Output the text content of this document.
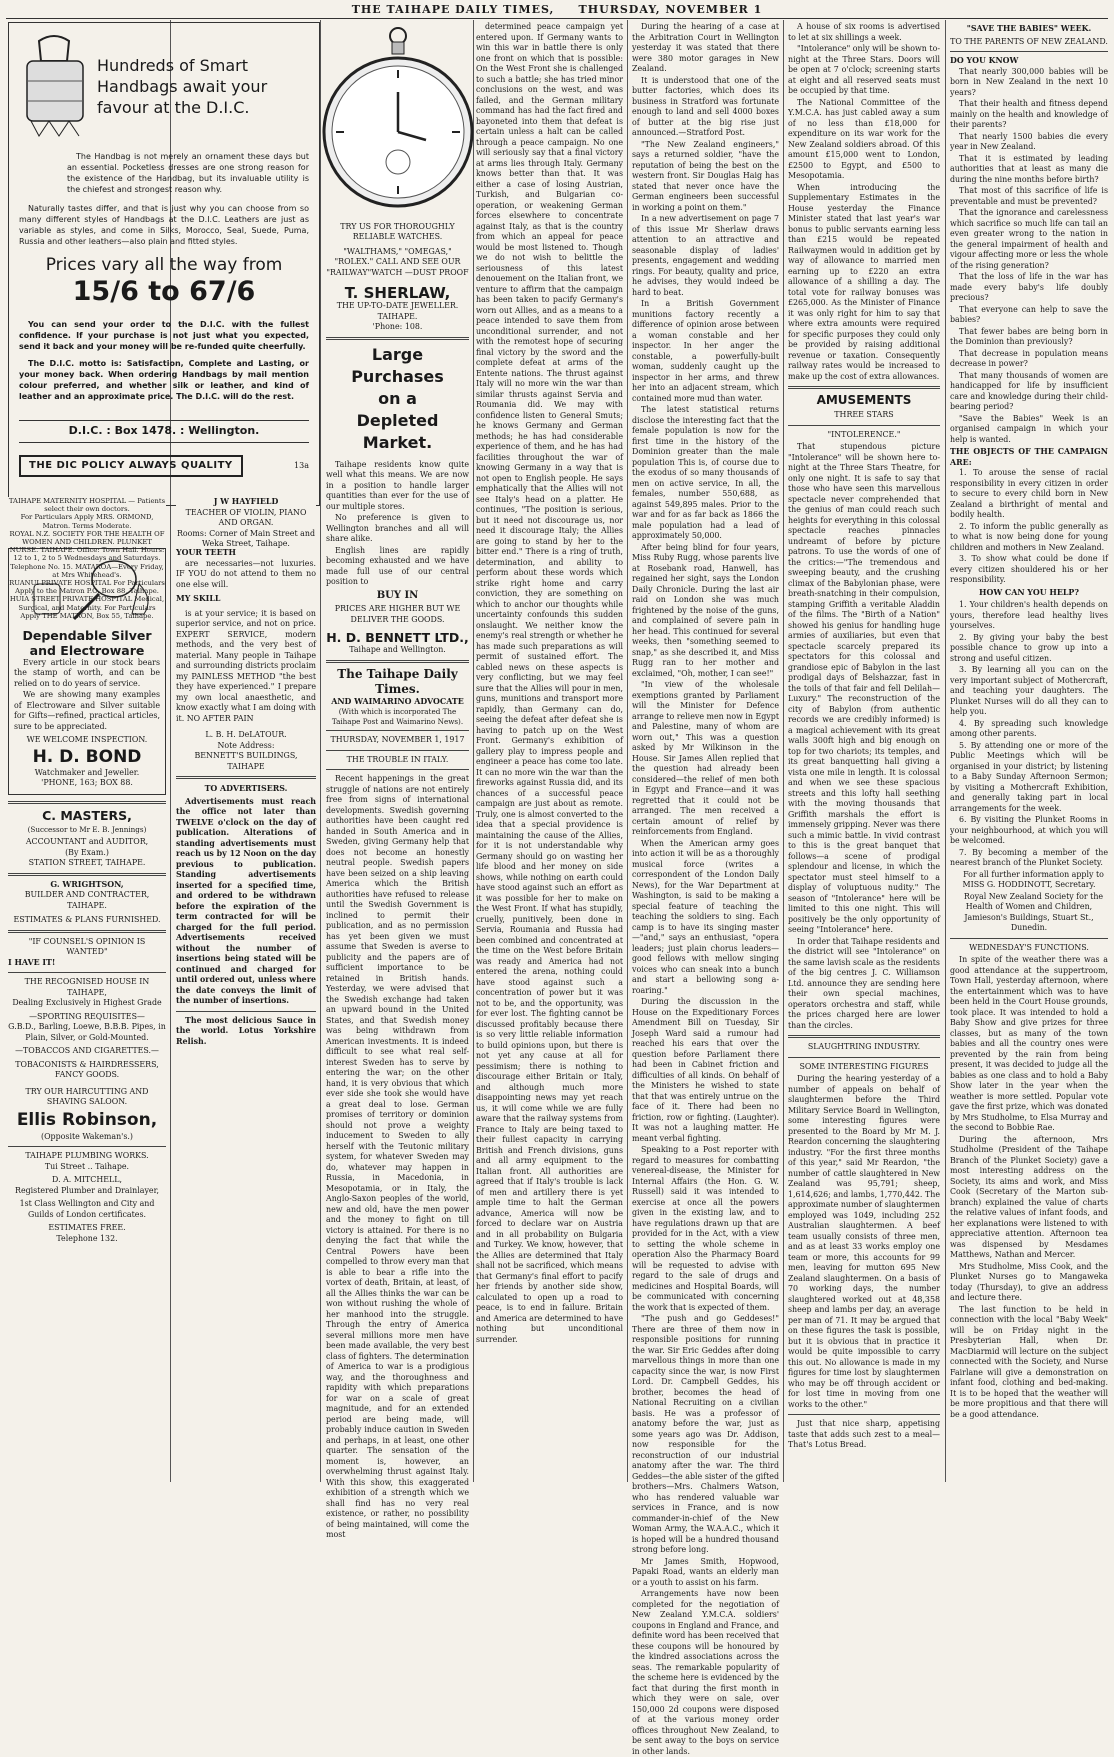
THE TAIHAPE DAILY TIMES, THURSDAY, NOVEMBER 1
Hundreds of Smart Handbags await your favour at the D.I.C.

The Handbag is not merely an ornament these days but an essential. Pocketless dresses are one strong reason for the existence of the Handbag, but its invaluable utility is the chiefest and strongest reason why.

Naturally tastes differ, and that is just why you can choose from so many different styles of Handbags at the D.I.C. Leathers are just as variable as styles, and come in Silks, Morocco, Seal, Suede, Puma, Russia and other leathers—also plain and fitted styles.

Prices vary all the way from
15/6 to 67/6

You can send your order to the D.I.C. with the fullest confidence. If your purchase is not just what you expected, send it back and your money will be re-funded quite cheerfully.

The D.I.C. motto is: Satisfaction, Complete and Lasting, or your money back. When ordering Handbags by mail mention colour preferred, and whether silk or leather, and kind of leather and an approximate price. The D.I.C. will do the rest.

D.I.C. : Box 1478. : Wellington.
THE DIC POLICY ALWAYS QUALITY	13a
Dependable Silver
and Electroware

Every article in our stock bears the stamp of worth, and can be relied on to do years of service.

We are showing many examples of Electroware and Silver suitable for Gifts—refined, practical articles, sure to be appreciated.

WE WELCOME INSPECTION.
H. D. BOND
Watchmaker and Jeweller.
'PHONE, 163; BOX 88.
C. MASTERS,
(Successor to Mr E. B. Jennings)
ACCOUNTANT and AUDITOR,
(By Exam.)
STATION STREET, TAIHAPE.
G. WRIGHTSON,
BUILDER AND CONTRACTER,
TAIHAPE.
ESTIMATES & PLANS FURNISHED.
"IF COUNSEL'S OPINION IS WANTED"
I HAVE IT!
THE RECOGNISED HOUSE IN TAIHAPE,
Dealing Exclusively in Highest Grade
—SPORTING REQUISITES—
G.B.D., Barling, Loewe, B.B.B. Pipes, in Plain, Silver, or Gold-Mounted.
—TOBACCOS AND CIGARETTES.—
TOBACONISTS & HAIRDRESSERS, FANCY GOODS.
TRY OUR HAIRCUTTING AND SHAVING SALOON.
Ellis Robinson,
(Opposite Wakeman's.)
TAIHAPE PLUMBING WORKS.
Tui Street .. Taihape.
D. A. MITCHELL,
Registered Plumber and Drainlayer,
1st Class Wellington and City and Guilds of London certificates.
ESTIMATES FREE.
Telephone 132.
YOUR TEETH

are necessaries—not luxuries. IF YOU do not attend to them no one else will.

MY SKILL

is at your service; it is based on superior service, and not on price. EXPERT SERVICE, modern methods, and the very best of material. Many people in Taihape and surrounding districts proclaim my PAINLESS METHOD "the best they have experienced." I prepare my own local anaesthetic, and know exactly what I am doing with it. NO AFTER PAIN

L. B. H. DeLATOUR.
Note Address:
BENNETT'S BUILDINGS, TAIHAPE
TO ADVERTISERS.

Advertisements must reach the office not later than TWELVE o'clock on the day of publication. Alterations of standing advertisements must reach us by 12 Noon on the day previous to publication. Standing advertisements inserted for a specified time, and ordered to be withdrawn before the expiration of the term contracted for will be charged for the full period. Advertisements received without the number of insertions being stated will be continued and charged for until ordered out, unless where the date conveys the limit of the number of insertions.

The most delicious Sauce in the world. Lotus Yorkshire Relish.

TRY US FOR THOROUGHLY RELIABLE WATCHES.
"WALTHAMS," "OMEGAS," "ROLEX." CALL AND SEE OUR "RAILWAY"WATCH —DUST PROOF
T. SHERLAW,
THE UP-TO-DATE JEWELLER.
TAIHAPE.
'Phone: 108.
Large Purchases
on a
Depleted Market.

Taihape residents know quite well what this means. We are now in a position to handle larger quantities than ever for the use of our multiple stores.

No preference is given to Wellington branches and all will share alike.

English lines are rapidly becoming exhausted and we have made full use of our central position to

BUY IN
PRICES ARE HIGHER BUT WE DELIVER THE GOODS.
H. D. BENNETT LTD.,
Taihape and Wellington.
The Taihape Daily Times.
AND WAIMARINO ADVOCATE
(With which is incorporated The Taihape Post and Waimarino News).
THURSDAY, NOVEMBER 1, 1917
THE TROUBLE IN ITALY.

Recent happenings in the great struggle of nations are not entirely free from signs of international developments. Swedish governing authorities have been caught red handed in South America and in Sweden, giving Germany help that does not become an honestly neutral people. Swedish papers have been seized on a ship leaving America which the British authorities have refused to release until the Swedish Government is inclined to permit their publication, and as no permission has yet been given we must assume that Sweden is averse to publicity and the papers are of sufficient importance to be retained in British hands. Yesterday, we were advised that the Swedish exchange had taken an upward bound in the United States, and that Swedish money was being withdrawn from American investments. It is indeed difficult to see what real self-interest Sweden has to serve by entering the war; on the other hand, it is very obvious that which ever side she took she would have a great deal to lose. German promises of territory or dominion should not prove a weighty inducement to Sweden to ally herself with the Teutonic military system, for whatever Sweden may do, whatever may happen in Russia, in Macedonia, in Mesopotamia, or in Italy, the Anglo-Saxon peoples of the world, new and old, have the men power and the money to fight on till victory is attained. For there is no denying the fact that while the Central Powers have been compelled to throw every man that is able to bear a rifle into the vortex of death, Britain, at least, of all the Allies thinks the war can be won without rushing the whole of her manhood into the struggle. Through the entry of America several millions more men have been made available, the very best class of fighters. The determination of America to war is a prodigious way, and the thoroughness and rapidity with which preparations for war on a scale of great magnitude, and for an extended period are being made, will probably induce caution in Sweden and perhaps, in at least, one other quarter. The sensation of the moment is, however, an overwhelming thrust against Italy. With this show, this exaggerated exhibition of a strength which we shall find has no very real existence, or rather, no possibility of being maintained, will come the most

determined peace campaign yet entered upon. If Germany wants to win this war in battle there is only one front on which that is possible: On the West Front she is challenged to such a battle; she has tried minor conclusions on the west, and was failed, and the German military command has had the fact fired and bayoneted into them that defeat is certain unless a halt can be called through a peace campaign. No one will seriously say that a final victory at arms lies through Italy. Germany knows better than that. It was either a case of losing Austrian, Turkish, and Bulgarian co-operation, or weakening German forces elsewhere to concentrate against Italy, as that is the country from which an appeal for peace would be most listened to. Though we do not wish to belittle the seriousness of this latest denouement on the Italian front, we venture to affirm that the campaign has been taken to pacify Germany's worn out Allies, and as a means to a peace intended to save them from unconditional surrender, and not with the remotest hope of securing final victory by the sword and the complete defeat at arms of the Entente nations. The thrust against Italy will no more win the war than similar thrusts against Servia and Roumania did. We may with confidence listen to General Smuts; he knows Germany and German methods; he has had considerable experience of them, and he has had facilities throughout the war of knowing Germany in a way that is not open to English people. He says emphatically that the Allies will not see Italy's head on a platter. He continues, "The position is serious, but it need not discourage us, nor need it discourage Italy; the Allies are going to stand by her to the bitter end." There is a ring of truth, determination, and ability to perform about these words which strike right home and carry conviction, they are something on which to anchor our thoughts while uncertainty confounds this sudden onslaught. We neither know the enemy's real strength or whether he has made such preparations as will permit of sustained effort. The cabled news on these aspects is very conflicting, but we may feel sure that the Allies will pour in men, guns, munitions and transport more rapidly, than Germany can do, seeing the defeat after defeat she is having to patch up on the West Front. Germany's exhibition of gallery play to impress people and engineer a peace has come too late. It can no more win the war than the fireworks against Russia did, and its chances of a successful peace campaign are just about as remote. Truly, one is almost converted to the idea that a special providence is maintaining the cause of the Allies, for it is not understandable why Germany should go on wasting her life blood and her money on side shows, while nothing on earth could have stood against such an effort as it was possible for her to make on the West Front. If what has stupidly, cruelly, punitively, been done in Servia, Roumania and Russia had been combined and concentrated at the time on the West before Britain was ready and America had not entered the arena, nothing could have stood against such a concentration of power but it was not to be, and the opportunity, was for ever lost. The fighting cannot be discussed profitably because there is so very little reliable information to build opinions upon, but there is not yet any cause at all for pessimism; there is nothing to discourage either Britain or Italy, and although much more disappointing news may yet reach us, it will come while we are fully aware that the railway systems from France to Italy are being taxed to their fullest capacity in carrying British and French divisions, guns and all army equipment to the Italian front. All authorities are agreed that if Italy's trouble is lack of men and artillery there is yet ample time to halt the German advance, America will now be forced to declare war on Austria and in all probability on Bulgaria and Turkey. We know, however, that the Allies are determined that Italy shall not be sacrificed, which means that Germany's final effort to pacify her friends by another side show, calculated to open up a road to peace, is to end in failure. Britain and America are determined to have nothing but unconditional surrender.

During the hearing of a case at the Arbitration Court in Wellington yesterday it was stated that there were 380 motor garages in New Zealand.

It is understood that one of the butter factories, which does its business in Stratford was fortunate enough to land and sell 4000 boxes of butter at the big rise just announced.—Stratford Post.

"The New Zealand engineers," says a returned soldier, "have the reputation of being the best on the western front. Sir Douglas Haig has stated that never once have the German engineers been successful in working a point on them."

In a new advertisement on page 7 of this issue Mr Sherlaw draws attention to an attractive and seasonable display of ladies' presents, engagement and wedding rings. For beauty, quality and price, he advises, they would indeed be hard to beat.

In a British Government munitions factory recently a difference of opinion arose between a woman constable and her inspector. In her anger the constable, a powerfully-built woman, suddenly caught up the inspector in her arms, and threw her into an adjacent stream, which contained more mud than water.

The latest statistical returns disclose the interesting fact that the female population is now for the first time in the history of the Dominion greater than the male population This is, of course due to the exodus of so many thousands of men on active service, In all, the females, number 550,688, as against 549,895 males. Prior to the war and for as far back as 1866 the male population had a lead of approximately 50,000.

After being blind for four years, Miss Ruby Rugg, whose parents live at Rosebank road, Hanwell, has regained her sight, says the London Daily Chronicle. During the last air raid on London she was much frightened by the noise of the guns, and complained of severe pain in her head. This continued for several weeks, then "something seemed to snap," as she described it, and Miss Rugg ran to her mother and exclaimed, "Oh, mother, I can see!"

"In view of the wholesale exemptions granted by Parliament will the Minister for Defence arrange to relieve men now in Egypt and Palestine, many of whom are worn out," This was a question asked by Mr Wilkinson in the House. Sir James Allen replied that the question had already been considered—the relief of men both in Egypt and France—and it was regretted that it could not be arranged. The men received a certain amount of relief by reinforcements from England.

When the American army goes into action it will be as a thoroughly musical force (writes a correspondent of the London Daily News), for the War Department at Washington, is said to be making a special feature of teaching the teaching the soldiers to sing. Each camp is to have its singing master—"and," says an enthusiast, "opera leaders; just plain chorus leaders—good fellows with mellow singing voices who can sneak into a bunch and start a bellowing song a-roaring."

During the discussion in the House on the Expeditionary Forces Amendment Bill on Tuesday, Sir Joseph Ward said a rumour had reached his ears that over the question before Parliament there had been in Cabinet friction and difficulties of all kinds. On behalf of the Ministers he wished to state that that was entirely untrue on the face of it. There had been no friction, row or fighting. (Laughter). It was not a laughing matter. He meant verbal fighting.

Speaking to a Post reporter with regard to measures for combatting venereal-disease, the Minister for Internal Affairs (the Hon. G. W. Russell) said it was intended to exercise at once all the powers given in the existing law, and to have regulations drawn up that are provided for in the Act, with a view to setting the whole scheme in operation Also the Pharmacy Board will be requested to advise with regard to the sale of drugs and medicines and Hospital Boards, will be communicated with concerning the work that is expected of them.

"The push and go Geddeses!" There are three of them now in responsible positions for running the war. Sir Eric Geddes after doing marvellous things in more than one capacity since the war, is now First Lord. Dr. Campbell Geddes, his brother, becomes the head of National Recruiting on a civilian basis. He was a professor of anatomy before the war, just as some years ago was Dr. Addison, now responsible for the reconstruction of our industrial anatomy after the war. The third Geddes—the able sister of the gifted brothers—Mrs. Chalmers Watson, who has rendered valuable war services in France, and is now commander-in-chief of the New Woman Army, the W.A.A.C., which it is hoped will be a hundred thousand strong before long.

Mr James Smith, Hopwood, Papaki Road, wants an elderly man or a youth to assist on his farm.

Arrangements have now been completed for the negotiation of New Zealand Y.M.C.A. soldiers' coupons in England and France, and definite word has been received that these coupons will be honoured by the kindred associations across the seas. The remarkable popularity of the scheme here is evidenced by the fact that during the first month in which they were on sale, over 150,000 2d coupons were disposed of at the various money order offices throughout New Zealand, to be sent away to the boys on service in other lands.

A house of six rooms is advertised to let at six shillings a week.

"Intolerance" only will be shown to-night at the Three Stars. Doors will be open at 7 o'clock; screening starts at eight and all reserved seats must be occupied by that time.

The National Committee of the Y.M.C.A. has just cabled away a sum of no less than £18,000 for expenditure on its war work for the New Zealand soldiers abroad. Of this amount £15,000 went to London, £2500 to Egypt, and £500 to Mesopotamia.

When introducing the Supplementary Estimates in the House yesterday the Finance Minister stated that last year's war bonus to public servants earning less than £215 would be repeated Railwaymen would in addition get by way of allowance to married men earning up to £220 an extra allowance of a shilling a day. The total vote for railway bonuses was £265,000. As the Minister of Finance it was only right for him to say that where extra amounts were required for specific purposes they could only be provided by raising additional revenue or taxation. Consequently railway rates would be increased to make up the cost of extra allowances.

AMUSEMENTS
THREE STARS
"INTOLERENCE."

That stupendous picture "Intolerance" will be shown here to-night at the Three Stars Theatre, for only one night. It is safe to say that those who have seen this marvellous spectacle never comprehended that the genius of man could reach such heights for everything in this colossal spectacle reaches pinnacles undreamt of before by picture patrons. To use the words of one of the critics:—"The tremendous and sweeping beauty, and the crushing climax of the Babylonian phase, were breath-snatching in their compulsion, stamping Griffith a veritable Aladdin of the films. The "Birth of a Nation" showed his genius for handling huge armies of auxiliaries, but even that spectacle scarcely prepared its spectators for this colossal and grandiose epic of Babylon in the last prodigal days of Belshazzar, fast in the toils of that fair and fell Delilah—Luxury." The reconstruction of the city of Babylon (from authentic records we are credibly informed) is a magical achievement with its great walls 300ft high and big enough on top for two chariots; its temples, and its great banquetting hall giving a vista one mile in length. It is colossal and when we see these spacious streets and this lofty hall seething with the moving thousands that Griffith marshals the effort is immensely gripping. Never was there such a mimic battle. In vivid contrast to this is the great banquet that follows—a scene of prodigal splendour and license, in which the spectator must steel himself to a display of voluptuous nudity." The season of "Intolerance" here will be limited to this one night. This will positively be the only opportunity of seeing "Intolerance" here.

In order that Taihape residents and the district will see "Intolerance" on the same lavish scale as the residents of the big centres J. C. Williamson Ltd. announce they are sending here their own special machines, operators orchestra and staff, while the prices charged here are lower than the circles.

SLAUGHTRING INDUSTRY.
SOME INTERESTING FIGURES

During the hearing yesterday of a number of appeals on behalf of slaughtermen before the Third Military Service Board in Wellington, some interesting figures were presented to the Board by Mr M. J. Reardon concerning the slaughtering industry. "For the first three months of this year," said Mr Reardon, "the number of cattle slaughtered in New Zealand was 95,791; sheep, 1,614,626; and lambs, 1,770,442. The approximate number of slaughtermen employed was 1049, including 252 Australian slaughtermen. A beef team usually consists of three men, and as at least 33 works employ one team or more, this accounts for 99 men, leaving for mutton 695 New Zealand slaughtermen. On a basis of 70 working days, the number slaughtered worked out at 48,358 sheep and lambs per day, an average per man of 71. It may be argued that on these figures the task is possible, but it is obvious that in practice it would be quite impossible to carry this out. No allowance is made in my figures for time lost by slaughtermen who may be off through accident or for lost time in moving from one works to the other."

Just that nice sharp, appetising taste that adds such zest to a meal—That's Lotus Bread.

"SAVE THE BABIES" WEEK.
TO THE PARENTS OF NEW ZEALAND.
DO YOU KNOW

That nearly 300,000 babies will be born in New Zealand in the next 10 years?

That their health and fitness depend mainly on the health and knowledge of their parents?

That nearly 1500 babies die every year in New Zealand.

That it is estimated by leading authorities that at least as many die during the nine months before birth?

That most of this sacrifice of life is preventable and must be prevented?

That the ignorance and carelessness which sacrifice so much life can tail an even greater wrong to the nation in the general impairment of health and vigour affecting more or less the whole of the rising generation?

That the loss of life in the war has made every baby's life doubly precious?

That everyone can help to save the babies?

That fewer babes are being born in the Dominion than previously?

That decrease in population means decrease in power?

That many thousands of women are handicapped for life by insufficient care and knowledge during their child-bearing period?

"Save the Babies" Week is an organised campaign in which your help is wanted.

THE OBJECTS OF THE CAMPAIGN ARE:

1. To arouse the sense of racial responsibility in every citizen in order to secure to every child born in New Zealand a birthright of mental and bodily health.

2. To inform the public generally as to what is now being done for young children and mothers in New Zealand.

3. To show what could be done if every citizen shouldered his or her responsibility.

HOW CAN YOU HELP?

1. Your children's health depends on yours, therefore lead healthy lives yourselves.

2. By giving your baby the best possible chance to grow up into a strong and useful citizen.

3. By learning all you can on the very important subject of Mothercraft, and teaching your daughters. The Plunket Nurses will do all they can to help you.

4. By spreading such knowledge among other parents.

5. By attending one or more of the Public Meetings which will be organised in your district; by listening to a Baby Sunday Afternoon Sermon; by visiting a Mothercraft Exhibition, and generally taking part in local arrangements for the week.

6. By visiting the Plunket Rooms in your neighbourhood, at which you will be welcomed.

7. By becoming a member of the nearest branch of the Plunket Society.

For all further information apply to MISS G. HODDINOTT, Secretary.

Royal New Zealand Society for the Health of Women and Children, Jamieson's Buildings, Stuart St., Dunedin.

WEDNESDAY'S FUNCTIONS.

In spite of the weather there was a good attendance at the suppertroom, Town Hall, yesterday afternoon, where the entertainment which was to have been held in the Court House grounds, took place. It was intended to hold a Baby Show and give prizes for three classes, but as many of the town babies and all the country ones were prevented by the rain from being present, it was decided to judge all the babies as one class and to hold a Baby Show later in the year when the weather is more settled. Popular vote gave the first prize, which was donated by Mrs Studholme, to Elsa Murray and the second to Bobbie Rae.

During the afternoon, Mrs Studholme (President of the Taihape Branch of the Plunket Society) gave a most interesting address on the Society, its aims and work, and Miss Cook (Secretary of the Marton sub-branch) explained the value of charts the relative values of infant foods, and her explanations were listened to with appreciative attention. Afternoon tea was dispensed by Mesdames Matthews, Nathan and Mercer.

Mrs Studholme, Miss Cook, and the Plunket Nurses go to Mangaweka today (Thursday), to give an address and lecture there.

The last function to be held in connection with the local "Baby Week" will be on Friday night in the Presbyterian Hall, when Dr. MacDiarmid will lecture on the subject connected with the Society, and Nurse Fairlane will give a demonstration on infant food, clothing and bed-making. It is to be hoped that the weather will be more propitious and that there will be a good attendance.

J W HAYFIELD
TEACHER OF VIOLIN, PIANO AND ORGAN.
Rooms: Corner of Main Street and Weka Street, Taihape.
TAIHAPE MATERNITY HOSPITAL — Patients select their own doctors.
For Particulars Apply MRS. ORMOND, Matron. Terms Moderate.
ROYAL N.Z. SOCIETY FOR THE HEALTH OF WOMEN AND CHILDREN. PLUNKET NURSE. TAIHAPE. Office: Town Hall. Hours: 12 to 1, 2 to 5 Wednesdays and Saturdays. Telephone No. 15. MATAROA—Every Friday, at Mrs Whitehead's.
RUANUI PRIVATE HOSPITAL For Particulars Apply to the Matron P.O. Box 88, Taihape. HUIA STREET PRIVATE HOSPITAL Medical, Surgical, and Maternity. For Particulars Apply THE MATRON, Box 55, Taihape.
